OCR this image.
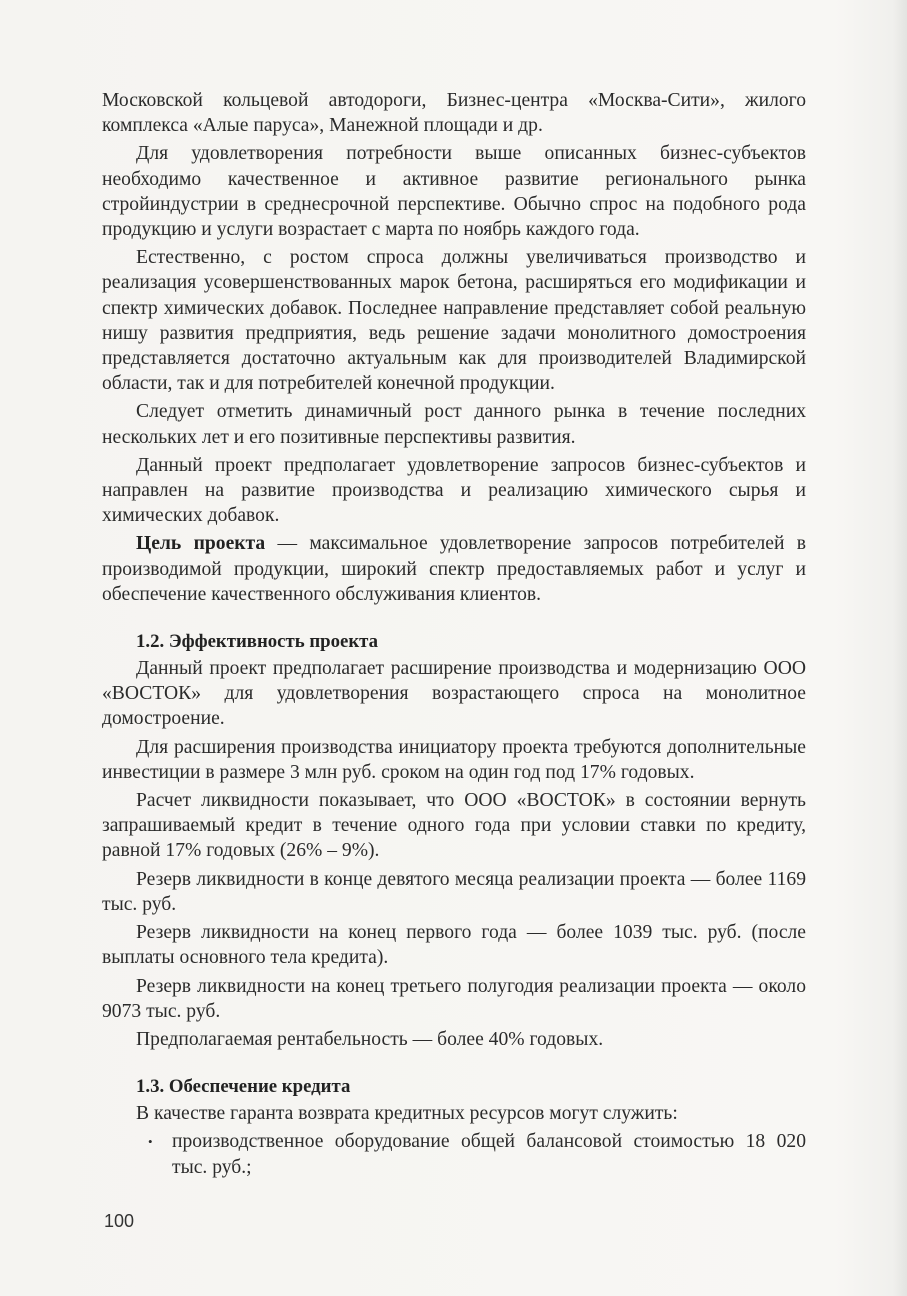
Московской кольцевой автодороги, Бизнес-центра «Москва-Сити», жилого комплекса «Алые паруса», Манежной площади и др.

Для удовлетворения потребности выше описанных бизнес-субъектов необходимо качественное и активное развитие регионального рынка стройиндустрии в среднесрочной перспективе. Обычно спрос на подобного рода продукцию и услуги возрастает с марта по ноябрь каждого года.

Естественно, с ростом спроса должны увеличиваться производство и реализация усовершенствованных марок бетона, расширяться его модификации и спектр химических добавок. Последнее направление представляет собой реальную нишу развития предприятия, ведь решение задачи монолитного домостроения представляется достаточно актуальным как для производителей Владимирской области, так и для потребителей конечной продукции.

Следует отметить динамичный рост данного рынка в течение последних нескольких лет и его позитивные перспективы развития.

Данный проект предполагает удовлетворение запросов бизнес-субъектов и направлен на развитие производства и реализацию химического сырья и химических добавок.

Цель проекта — максимальное удовлетворение запросов потребителей в производимой продукции, широкий спектр предоставляемых работ и услуг и обеспечение качественного обслуживания клиентов.

1.2. Эффективность проекта

Данный проект предполагает расширение производства и модернизацию ООО «ВОСТОК» для удовлетворения возрастающего спроса на монолитное домостроение.

Для расширения производства инициатору проекта требуются дополнительные инвестиции в размере 3 млн руб. сроком на один год под 17% годовых.

Расчет ликвидности показывает, что ООО «ВОСТОК» в состоянии вернуть запрашиваемый кредит в течение одного года при условии ставки по кредиту, равной 17% годовых (26% – 9%).

Резерв ликвидности в конце девятого месяца реализации проекта — более 1169 тыс. руб.

Резерв ликвидности на конец первого года — более 1039 тыс. руб. (после выплаты основного тела кредита).

Резерв ликвидности на конец третьего полугодия реализации проекта — около 9073 тыс. руб.

Предполагаемая рентабельность — более 40% годовых.

1.3. Обеспечение кредита

В качестве гаранта возврата кредитных ресурсов могут служить:

• производственное оборудование общей балансовой стоимостью 18 020 тыс. руб.;
100
